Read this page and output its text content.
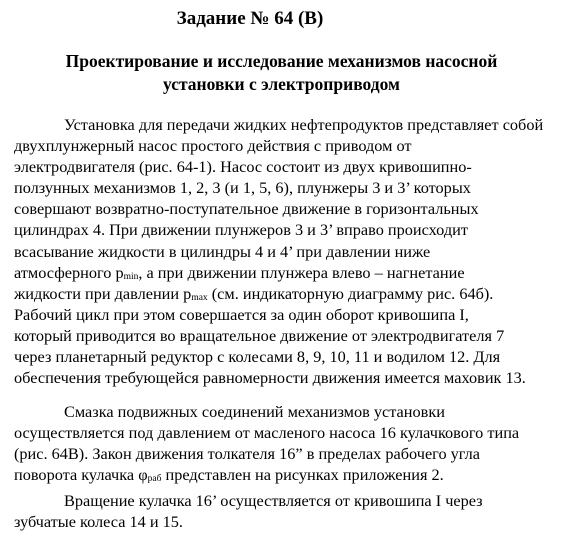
Задание № 64 (В)
Проектирование и исследование механизмов насосной
установки с электроприводом
Установка для передачи жидких нефтепродуктов представляет собой
двухплунжерный насос простого действия с приводом от
электродвигателя (рис. 64-1). Насос состоит из двух кривошипно-
ползунных механизмов 1, 2, 3 (и 1, 5, 6), плунжеры 3 и 3’ которых
совершают возвратно-поступательное движение в горизонтальных
цилиндрах 4. При движении плунжеров 3 и 3’ вправо происходит
всасывание жидкости в цилиндры 4 и 4’ при давлении ниже
атмосферного $p_{min}$, а при движении плунжера влево – нагнетание
жидкости при давлении $p_{max}$ (см. индикаторную диаграмму рис. 64б).
Рабочий цикл при этом совершается за один оборот кривошипа I,
который приводится во вращательное движение от электродвигателя 7
через планетарный редуктор с колесами 8, 9, 10, 11 и водилом 12. Для
обеспечения требующейся равномерности движения имеется маховик 13.
Смазка подвижных соединений механизмов установки
осуществляется под давлением от масленого насоса 16 кулачкового типа
(рис. 64В). Закон движения толкателя 16” в пределах рабочего угла
поворота кулачка $\varphi_{раб}$ представлен на рисунках приложения 2.
Вращение кулачка 16’ осуществляется от кривошипа I через
зубчатые колеса 14 и 15.
